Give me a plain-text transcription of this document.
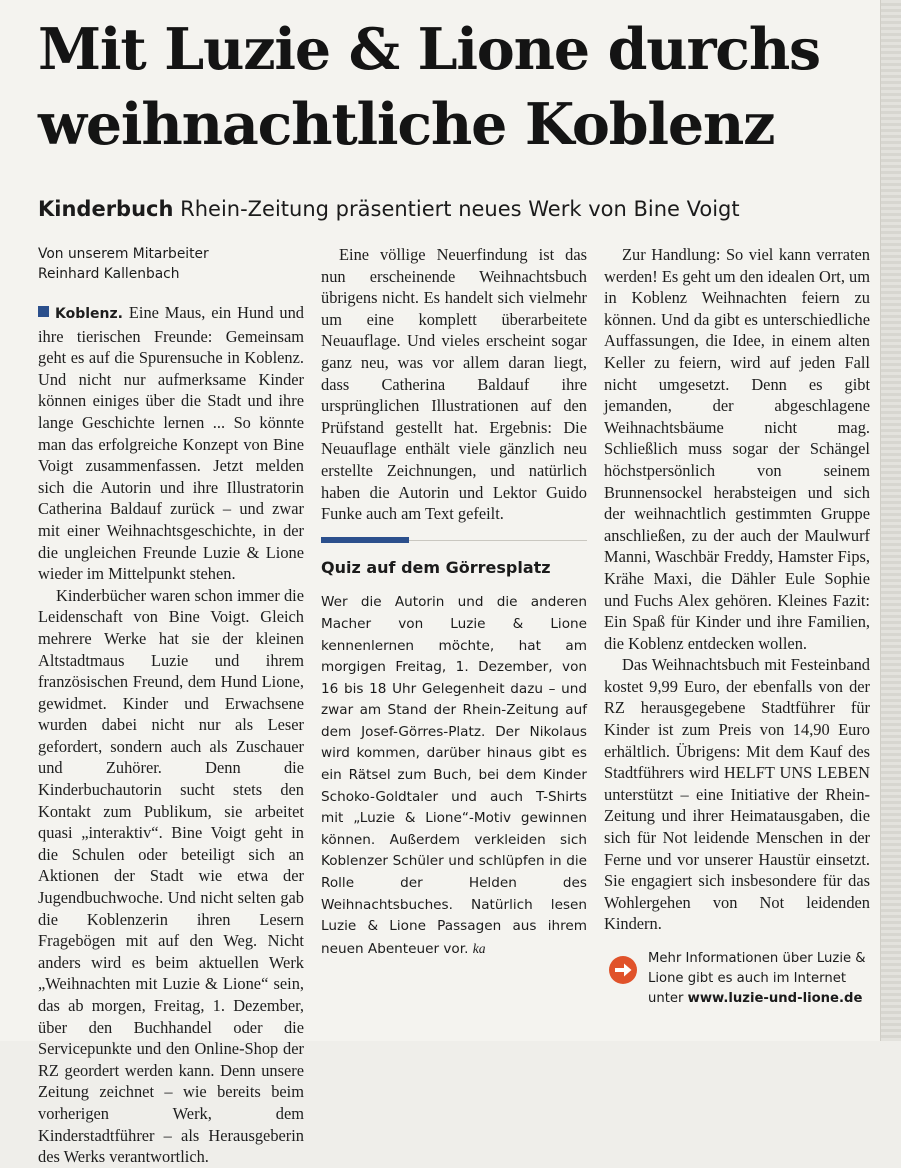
Mit Luzie & Lione durchs
weihnachtliche Koblenz
Kinderbuch Rhein-Zeitung präsentiert neues Werk von Bine Voigt
Von unserem Mitarbeiter
Reinhard Kallenbach

Koblenz. Eine Maus, ein Hund und ihre tierischen Freunde: Gemeinsam geht es auf die Spurensuche in Koblenz. Und nicht nur aufmerksame Kinder können einiges über die Stadt und ihre lange Geschichte lernen ... So könnte man das erfolgreiche Konzept von Bine Voigt zusammenfassen. Jetzt melden sich die Autorin und ihre Illustratorin Catherina Baldauf zurück – und zwar mit einer Weihnachtsgeschichte, in der die ungleichen Freunde Luzie & Lione wieder im Mittelpunkt stehen.

Kinderbücher waren schon immer die Leidenschaft von Bine Voigt. Gleich mehrere Werke hat sie der kleinen Altstadtmaus Luzie und ihrem französischen Freund, dem Hund Lione, gewidmet. Kinder und Erwachsene wurden dabei nicht nur als Leser gefordert, sondern auch als Zuschauer und Zuhörer. Denn die Kinderbuchautorin sucht stets den Kontakt zum Publikum, sie arbeitet quasi „interaktiv“. Bine Voigt geht in die Schulen oder beteiligt sich an Aktionen der Stadt wie etwa der Jugendbuchwoche. Und nicht selten gab die Koblenzerin ihren Lesern Fragebögen mit auf den Weg. Nicht anders wird es beim aktuellen Werk „Weihnachten mit Luzie & Lione“ sein, das ab morgen, Freitag, 1. Dezember, über den Buchhandel oder die Servicepunkte und den Online-Shop der RZ geordert werden kann. Denn unsere Zeitung zeichnet – wie bereits beim vorherigen Werk, dem Kinderstadtführer – als Herausgeberin des Werks verantwortlich.

Eine völlige Neuerfindung ist das nun erscheinende Weihnachtsbuch übrigens nicht. Es handelt sich vielmehr um eine komplett überarbeitete Neuauflage. Und vieles erscheint sogar ganz neu, was vor allem daran liegt, dass Catherina Baldauf ihre ursprünglichen Illustrationen auf den Prüfstand gestellt hat. Ergebnis: Die Neuauflage enthält viele gänzlich neu erstellte Zeichnungen, und natürlich haben die Autorin und Lektor Guido Funke auch am Text gefeilt.

Quiz auf dem Görresplatz
Wer die Autorin und die anderen Macher von Luzie & Lione kennenlernen möchte, hat am morgigen Freitag, 1. Dezember, von 16 bis 18 Uhr Gelegenheit dazu – und zwar am Stand der Rhein-Zeitung auf dem Josef-Görres-Platz. Der Nikolaus wird kommen, darüber hinaus gibt es ein Rätsel zum Buch, bei dem Kinder Schoko-Goldtaler und auch T-Shirts mit „Luzie & Lione“-Motiv gewinnen können. Außerdem verkleiden sich Koblenzer Schüler und schlüpfen in die Rolle der Helden des Weihnachtsbuches. Natürlich lesen Luzie & Lione Passagen aus ihrem neuen Abenteuer vor. ka

Zur Handlung: So viel kann verraten werden! Es geht um den idealen Ort, um in Koblenz Weihnachten feiern zu können. Und da gibt es unterschiedliche Auffassungen, die Idee, in einem alten Keller zu feiern, wird auf jeden Fall nicht umgesetzt. Denn es gibt jemanden, der abgeschlagene Weihnachtsbäume nicht mag. Schließlich muss sogar der Schängel höchstpersönlich von seinem Brunnensockel herabsteigen und sich der weihnachtlich gestimmten Gruppe anschließen, zu der auch der Maulwurf Manni, Waschbär Freddy, Hamster Fips, Krähe Maxi, die Dähler Eule Sophie und Fuchs Alex gehören. Kleines Fazit: Ein Spaß für Kinder und ihre Familien, die Koblenz entdecken wollen.

Das Weihnachtsbuch mit Festeinband kostet 9,99 Euro, der ebenfalls von der RZ herausgegebene Stadtführer für Kinder ist zum Preis von 14,90 Euro erhältlich. Übrigens: Mit dem Kauf des Stadtführers wird HELFT UNS LEBEN unterstützt – eine Initiative der Rhein-Zeitung und ihrer Heimatausgaben, die sich für Not leidende Menschen in der Ferne und vor unserer Haustür einsetzt. Sie engagiert sich insbesondere für das Wohlergehen von Not leidenden Kindern.

Mehr Informationen über Luzie & Lione gibt es auch im Internet unter www.luzie-und-lione.de
